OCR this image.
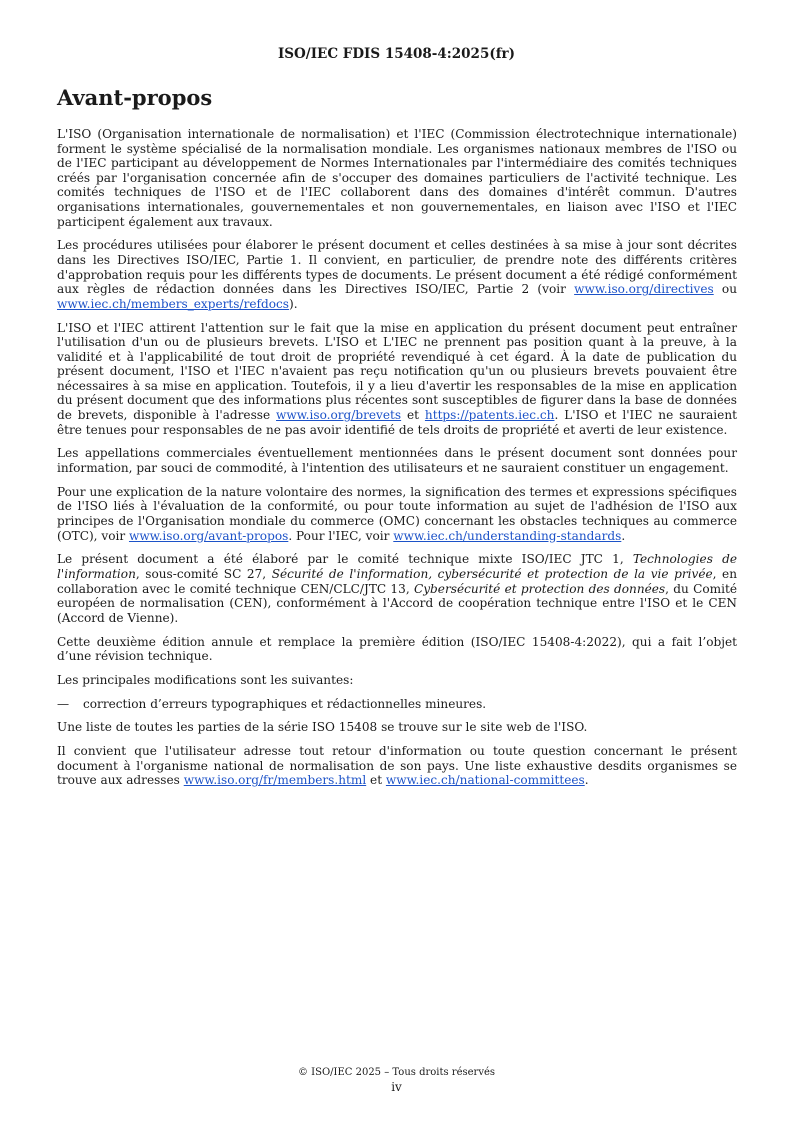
ISO/IEC FDIS 15408-4:2025(fr)
Avant-propos

L'ISO (Organisation internationale de normalisation) et l'IEC (Commission électrotechnique internationale) forment le système spécialisé de la normalisation mondiale. Les organismes nationaux membres de l'ISO ou de l'IEC participant au développement de Normes Internationales par l'intermédiaire des comités techniques créés par l'organisation concernée afin de s'occuper des domaines particuliers de l'activité technique. Les comités techniques de l'ISO et de l'IEC collaborent dans des domaines d'intérêt commun. D'autres organisations internationales, gouvernementales et non gouvernementales, en liaison avec l'ISO et l'IEC participent également aux travaux.

Les procédures utilisées pour élaborer le présent document et celles destinées à sa mise à jour sont décrites dans les Directives ISO/IEC, Partie 1. Il convient, en particulier, de prendre note des différents critères d'approbation requis pour les différents types de documents. Le présent document a été rédigé conformément aux règles de rédaction données dans les Directives ISO/IEC, Partie 2 (voir www.iso.org/directives ou www.iec.ch/members_experts/refdocs).

L'ISO et l'IEC attirent l'attention sur le fait que la mise en application du présent document peut entraîner l'utilisation d'un ou de plusieurs brevets. L'ISO et L'IEC ne prennent pas position quant à la preuve, à la validité et à l'applicabilité de tout droit de propriété revendiqué à cet égard. À la date de publication du présent document, l'ISO et l'IEC n'avaient pas reçu notification qu'un ou plusieurs brevets pouvaient être nécessaires à sa mise en application. Toutefois, il y a lieu d'avertir les responsables de la mise en application du présent document que des informations plus récentes sont susceptibles de figurer dans la base de données de brevets, disponible à l'adresse www.iso.org/brevets et https://patents.iec.ch. L'ISO et l'IEC ne sauraient être tenues pour responsables de ne pas avoir identifié de tels droits de propriété et averti de leur existence.

Les appellations commerciales éventuellement mentionnées dans le présent document sont données pour information, par souci de commodité, à l'intention des utilisateurs et ne sauraient constituer un engagement.

Pour une explication de la nature volontaire des normes, la signification des termes et expressions spécifiques de l'ISO liés à l'évaluation de la conformité, ou pour toute information au sujet de l'adhésion de l'ISO aux principes de l'Organisation mondiale du commerce (OMC) concernant les obstacles techniques au commerce (OTC), voir www.iso.org/avant-propos. Pour l'IEC, voir www.iec.ch/understanding-standards.

Le présent document a été élaboré par le comité technique mixte ISO/IEC JTC 1, Technologies de l'information, sous-comité SC 27, Sécurité de l'information, cybersécurité et protection de la vie privée, en collaboration avec le comité technique CEN/CLC/JTC 13, Cybersécurité et protection des données, du Comité européen de normalisation (CEN), conformément à l'Accord de coopération technique entre l'ISO et le CEN (Accord de Vienne).

Cette deuxième édition annule et remplace la première édition (ISO/IEC 15408-4:2022), qui a fait l’objet d’une révision technique.

Les principales modifications sont les suivantes:

— correction d’erreurs typographiques et rédactionnelles mineures.

Une liste de toutes les parties de la série ISO 15408 se trouve sur le site web de l'ISO.

Il convient que l'utilisateur adresse tout retour d'information ou toute question concernant le présent document à l'organisme national de normalisation de son pays. Une liste exhaustive desdits organismes se trouve aux adresses www.iso.org/fr/members.html et www.iec.ch/national-committees.

© ISO/IEC 2025 – Tous droits réservés
iv
